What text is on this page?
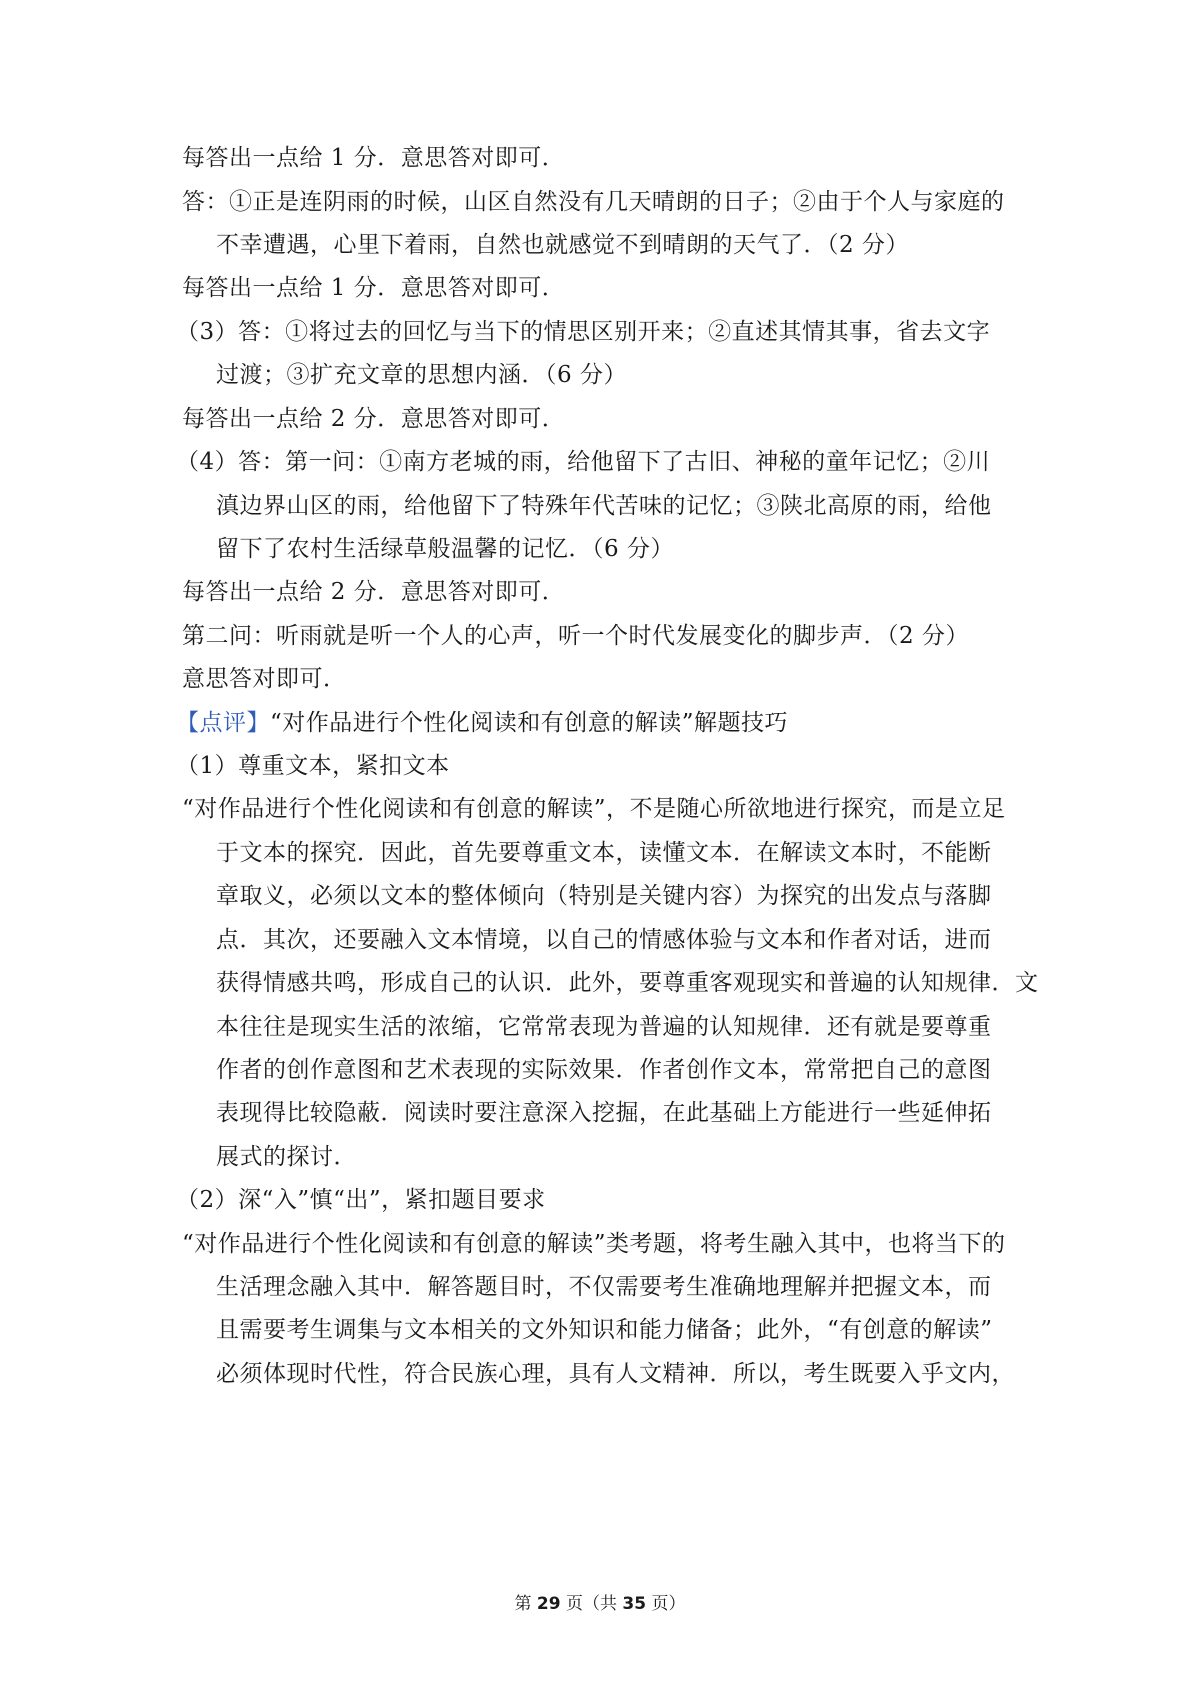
每答出一点给 1 分．意思答对即可．
答：①正是连阴雨的时候，山区自然没有几天晴朗的日子；②由于个人与家庭的
不幸遭遇，心里下着雨，自然也就感觉不到晴朗的天气了．（2 分）
每答出一点给 1 分．意思答对即可．
（3）答：①将过去的回忆与当下的情思区别开来；②直述其情其事，省去文字
过渡；③扩充文章的思想内涵．（6 分）
每答出一点给 2 分．意思答对即可．
（4）答：第一问：①南方老城的雨，给他留下了古旧、神秘的童年记忆；②川
滇边界山区的雨，给他留下了特殊年代苦味的记忆；③陕北高原的雨，给他
留下了农村生活绿草般温馨的记忆．（6 分）
每答出一点给 2 分．意思答对即可．
第二问：听雨就是听一个人的心声，听一个时代发展变化的脚步声．（2 分）
意思答对即可．
【点评】“对作品进行个性化阅读和有创意的解读”解题技巧
（1）尊重文本，紧扣文本
“对作品进行个性化阅读和有创意的解读”，不是随心所欲地进行探究，而是立足
于文本的探究．因此，首先要尊重文本，读懂文本．在解读文本时，不能断
章取义，必须以文本的整体倾向（特别是关键内容）为探究的出发点与落脚
点．其次，还要融入文本情境，以自己的情感体验与文本和作者对话，进而
获得情感共鸣，形成自己的认识．此外，要尊重客观现实和普遍的认知规律．文
本往往是现实生活的浓缩，它常常表现为普遍的认知规律．还有就是要尊重
作者的创作意图和艺术表现的实际效果．作者创作文本，常常把自己的意图
表现得比较隐蔽．阅读时要注意深入挖掘，在此基础上方能进行一些延伸拓
展式的探讨．
（2）深“入”慎“出”，紧扣题目要求
“对作品进行个性化阅读和有创意的解读”类考题，将考生融入其中，也将当下的
生活理念融入其中．解答题目时，不仅需要考生准确地理解并把握文本，而
且需要考生调集与文本相关的文外知识和能力储备；此外，“有创意的解读”
必须体现时代性，符合民族心理，具有人文精神．所以，考生既要入乎文内，
第 29 页（共 35 页）
